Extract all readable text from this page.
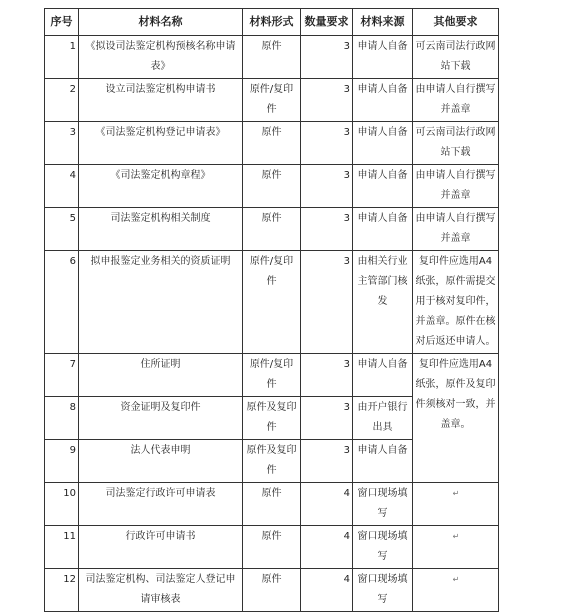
序号	材料名称	材料形式	数量要求	材料来源	其他要求
1	《拟设司法鉴定机构预核名称申请表》	原件	3	申请人自备	可云南司法行政网站下载
2	设立司法鉴定机构申请书	原件/复印件	3	申请人自备	由申请人自行撰写并盖章
3	《司法鉴定机构登记申请表》	原件	3	申请人自备	可云南司法行政网站下载
4	《司法鉴定机构章程》	原件	3	申请人自备	由申请人自行撰写并盖章
5	司法鉴定机构相关制度	原件	3	申请人自备	由申请人自行撰写并盖章
6	拟申报鉴定业务相关的资质证明	原件/复印件	3	由相关行业主管部门核发	复印件应选用A4纸张，原件需提交用于核对复印件，并盖章。原件在核对后返还申请人。
7	住所证明	原件/复印件	3	申请人自备	复印件应选用A4纸张，原件及复印件须核对一致，并盖章。
8	资金证明及复印件	原件及复印件	3	由开户银行出具	
9	法人代表申明	原件及复印件	3	申请人自备	
10	司法鉴定行政许可申请表	原件	4	窗口现场填写	↵
11	行政许可申请书	原件	4	窗口现场填写	↵
12	司法鉴定机构、司法鉴定人登记申请审核表	原件	4	窗口现场填写	↵
